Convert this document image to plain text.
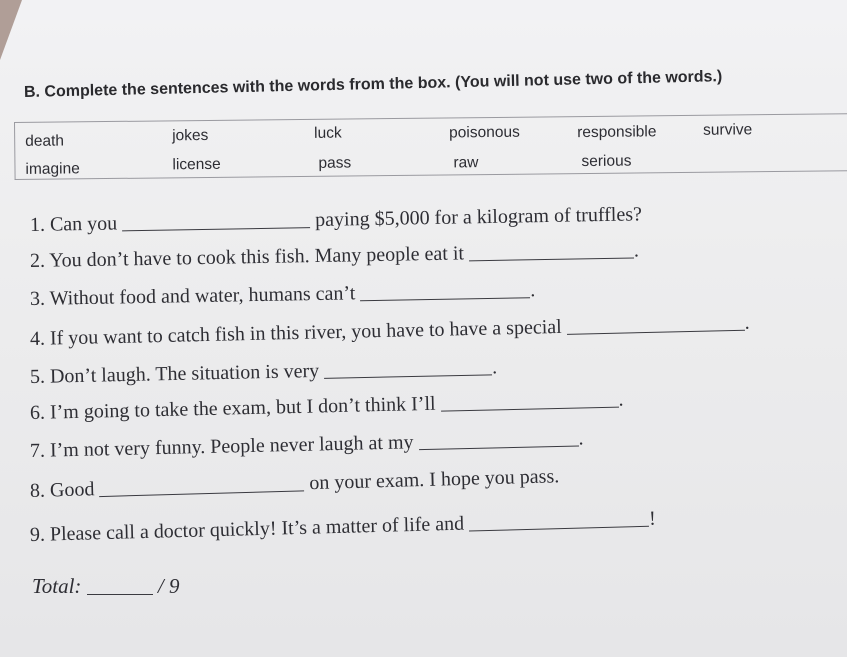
B. Complete the sentences with the words from the box. (You will not use two of the words.)
death	jokes	luck	poisonous	responsible	survive
imagine	license	pass	raw	serious
1. Can you	paying $5,000 for a kilogram of truffles?
2. You don’t have to cook this fish. Many people eat it	.
3. Without food and water, humans can’t	.
4. If you want to catch fish in this river, you have to have a special	.
5. Don’t laugh. The situation is very	.
6. I’m going to take the exam, but I don’t think I’ll	.
7. I’m not very funny. People never laugh at my	.
8. Good	on your exam. I hope you pass.
9. Please call a doctor quickly! It’s a matter of life and	!
Total:	/ 9
